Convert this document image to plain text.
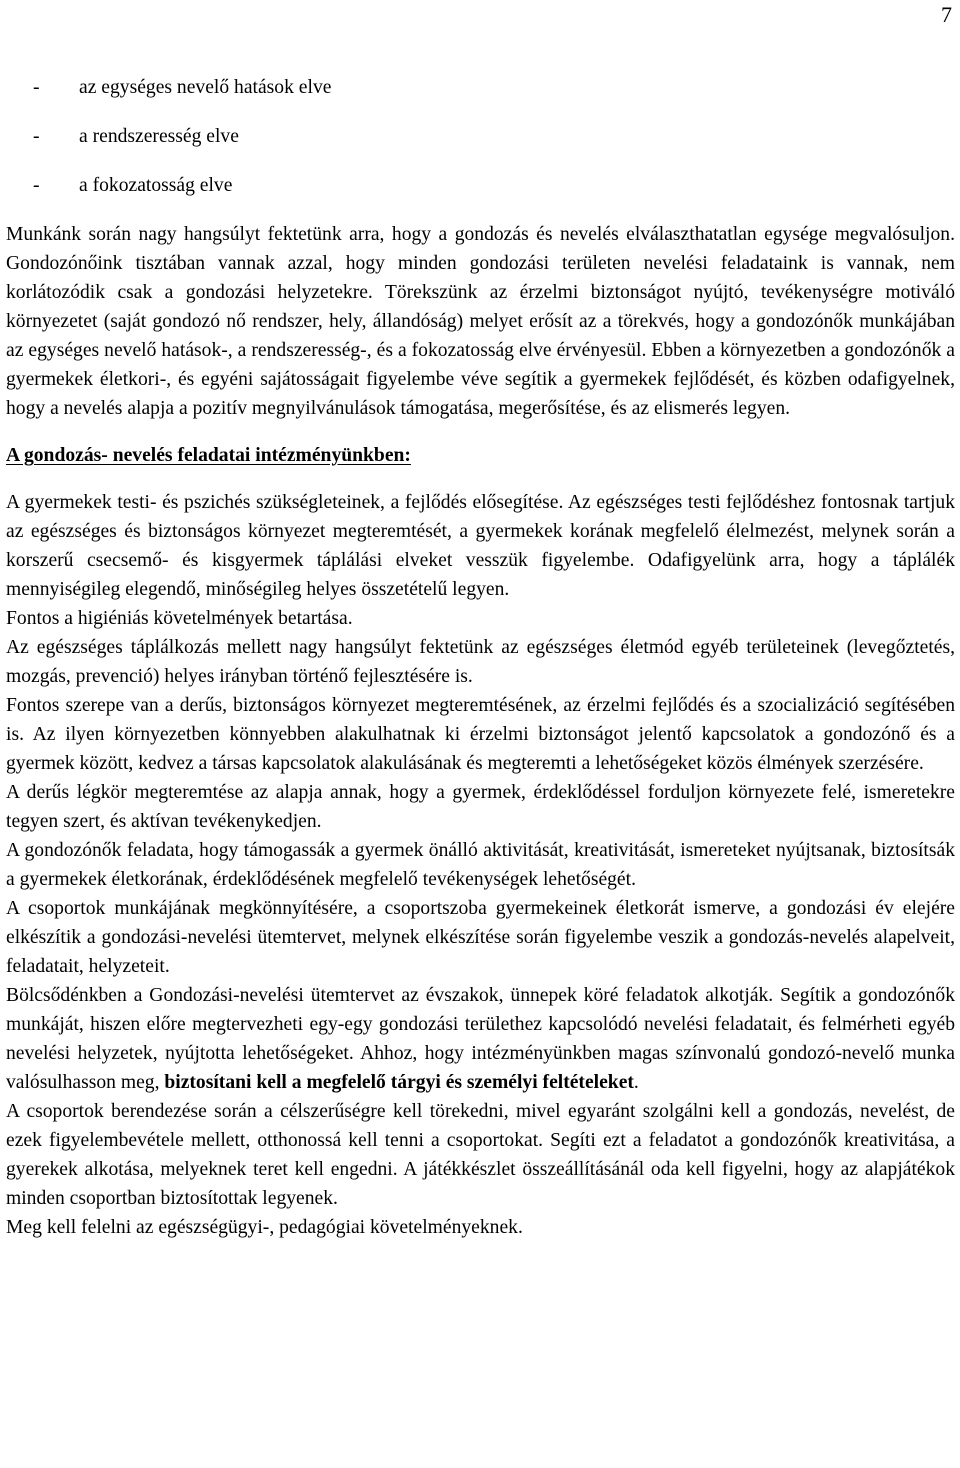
7
-	az egységes nevelő hatások elve
-	a rendszeresség elve
-	a fokozatosság elve

Munkánk során nagy hangsúlyt fektetünk arra, hogy a gondozás és nevelés elválaszthatatlan egysége megvalósuljon. Gondozónőink tisztában vannak azzal, hogy minden gondozási területen nevelési feladataink is vannak, nem korlátozódik csak a gondozási helyzetekre. Törekszünk az érzelmi biztonságot nyújtó, tevékenységre motiváló környezetet (saját gondozó nő rendszer, hely, állandóság) melyet erősít az a törekvés, hogy a gondozónők munkájában az egységes nevelő hatások-, a rendszeresség-, és a fokozatosság elve érvényesül. Ebben a környezetben a gondozónők a gyermekek életkori-, és egyéni sajátosságait figyelembe véve segítik a gyermekek fejlődését, és közben odafigyelnek, hogy a nevelés alapja a pozitív megnyilvánulások támogatása, megerősítése, és az elismerés legyen.

A gondozás- nevelés feladatai intézményünkben:

A gyermekek testi- és pszichés szükségleteinek, a fejlődés elősegítése. Az egészséges testi fejlődéshez fontosnak tartjuk az egészséges és biztonságos környezet megteremtését, a gyermekek korának megfelelő élelmezést, melynek során a korszerű csecsemő- és kisgyermek táplálási elveket vesszük figyelembe. Odafigyelünk arra, hogy a táplálék mennyiségileg elegendő, minőségileg helyes összetételű legyen.

Fontos a higiéniás követelmények betartása.

Az egészséges táplálkozás mellett nagy hangsúlyt fektetünk az egészséges életmód egyéb területeinek (levegőztetés, mozgás, prevenció) helyes irányban történő fejlesztésére is.

Fontos szerepe van a derűs, biztonságos környezet megteremtésének, az érzelmi fejlődés és a szocializáció segítésében is. Az ilyen környezetben könnyebben alakulhatnak ki érzelmi biztonságot jelentő kapcsolatok a gondozónő és a gyermek között, kedvez a társas kapcsolatok alakulásának és megteremti a lehetőségeket közös élmények szerzésére.

A derűs légkör megteremtése az alapja annak, hogy a gyermek, érdeklődéssel forduljon környezete felé, ismeretekre tegyen szert, és aktívan tevékenykedjen.

A gondozónők feladata, hogy támogassák a gyermek önálló aktivitását, kreativitását, ismereteket nyújtsanak, biztosítsák a gyermekek életkorának, érdeklődésének megfelelő tevékenységek lehetőségét.

A csoportok munkájának megkönnyítésére, a csoportszoba gyermekeinek életkorát ismerve, a gondozási év elejére elkészítik a gondozási-nevelési ütemtervet, melynek elkészítése során figyelembe veszik a gondozás-nevelés alapelveit, feladatait, helyzeteit.

Bölcsődénkben a Gondozási-nevelési ütemtervet az évszakok, ünnepek köré feladatok alkotják. Segítik a gondozónők munkáját, hiszen előre megtervezheti egy-egy gondozási területhez kapcsolódó nevelési feladatait, és felmérheti egyéb nevelési helyzetek, nyújtotta lehetőségeket. Ahhoz, hogy intézményünkben magas színvonalú gondozó-nevelő munka valósulhasson meg, biztosítani kell a megfelelő tárgyi és személyi feltételeket.

A csoportok berendezése során a célszerűségre kell törekedni, mivel egyaránt szolgálni kell a gondozás, nevelést, de ezek figyelembevétele mellett, otthonossá kell tenni a csoportokat. Segíti ezt a feladatot a gondozónők kreativitása, a gyerekek alkotása, melyeknek teret kell engedni. A játékkészlet összeállításánál oda kell figyelni, hogy az alapjátékok minden csoportban biztosítottak legyenek.

Meg kell felelni az egészségügyi-, pedagógiai követelményeknek.
